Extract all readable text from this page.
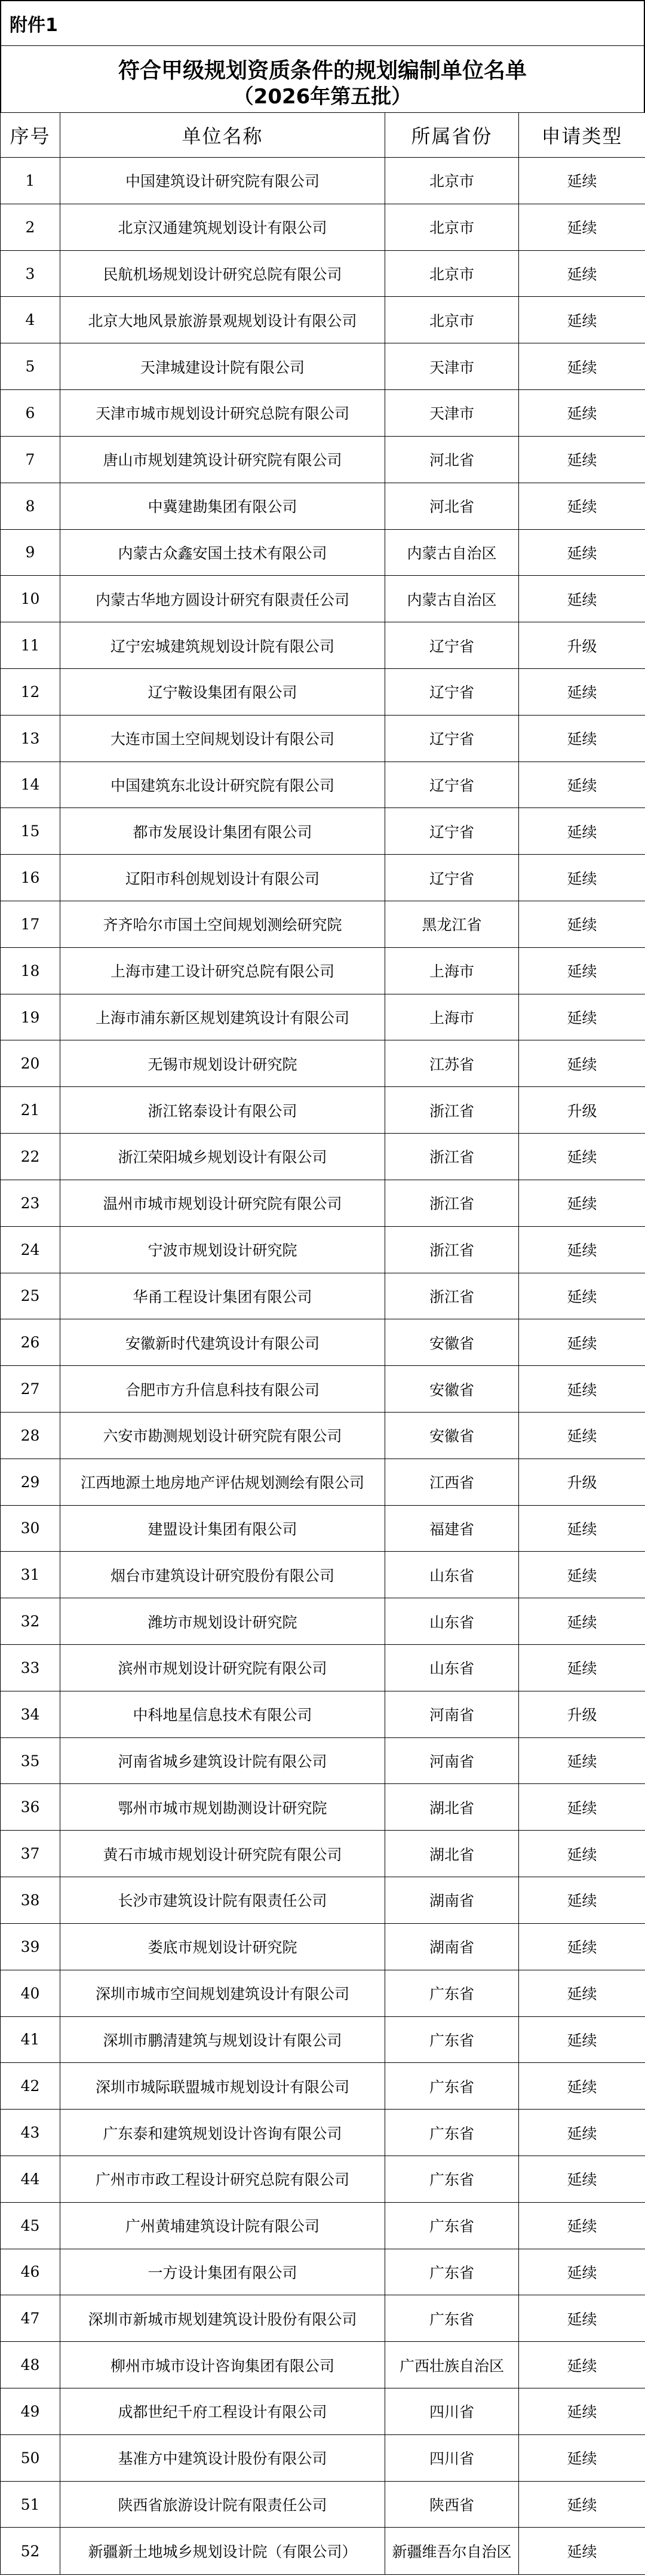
附件1
符合甲级规划资质条件的规划编制单位名单
（2026年第五批）
序号	单位名称	所属省份	申请类型
1	中国建筑设计研究院有限公司	北京市	延续
2	北京汉通建筑规划设计有限公司	北京市	延续
3	民航机场规划设计研究总院有限公司	北京市	延续
4	北京大地风景旅游景观规划设计有限公司	北京市	延续
5	天津城建设计院有限公司	天津市	延续
6	天津市城市规划设计研究总院有限公司	天津市	延续
7	唐山市规划建筑设计研究院有限公司	河北省	延续
8	中冀建勘集团有限公司	河北省	延续
9	内蒙古众鑫安国土技术有限公司	内蒙古自治区	延续
10	内蒙古华地方圆设计研究有限责任公司	内蒙古自治区	延续
11	辽宁宏城建筑规划设计院有限公司	辽宁省	升级
12	辽宁鞍设集团有限公司	辽宁省	延续
13	大连市国土空间规划设计有限公司	辽宁省	延续
14	中国建筑东北设计研究院有限公司	辽宁省	延续
15	都市发展设计集团有限公司	辽宁省	延续
16	辽阳市科创规划设计有限公司	辽宁省	延续
17	齐齐哈尔市国土空间规划测绘研究院	黑龙江省	延续
18	上海市建工设计研究总院有限公司	上海市	延续
19	上海市浦东新区规划建筑设计有限公司	上海市	延续
20	无锡市规划设计研究院	江苏省	延续
21	浙江铭泰设计有限公司	浙江省	升级
22	浙江荣阳城乡规划设计有限公司	浙江省	延续
23	温州市城市规划设计研究院有限公司	浙江省	延续
24	宁波市规划设计研究院	浙江省	延续
25	华甬工程设计集团有限公司	浙江省	延续
26	安徽新时代建筑设计有限公司	安徽省	延续
27	合肥市方升信息科技有限公司	安徽省	延续
28	六安市勘测规划设计研究院有限公司	安徽省	延续
29	江西地源土地房地产评估规划测绘有限公司	江西省	升级
30	建盟设计集团有限公司	福建省	延续
31	烟台市建筑设计研究股份有限公司	山东省	延续
32	潍坊市规划设计研究院	山东省	延续
33	滨州市规划设计研究院有限公司	山东省	延续
34	中科地星信息技术有限公司	河南省	升级
35	河南省城乡建筑设计院有限公司	河南省	延续
36	鄂州市城市规划勘测设计研究院	湖北省	延续
37	黄石市城市规划设计研究院有限公司	湖北省	延续
38	长沙市建筑设计院有限责任公司	湖南省	延续
39	娄底市规划设计研究院	湖南省	延续
40	深圳市城市空间规划建筑设计有限公司	广东省	延续
41	深圳市鹏清建筑与规划设计有限公司	广东省	延续
42	深圳市城际联盟城市规划设计有限公司	广东省	延续
43	广东泰和建筑规划设计咨询有限公司	广东省	延续
44	广州市市政工程设计研究总院有限公司	广东省	延续
45	广州黄埔建筑设计院有限公司	广东省	延续
46	一方设计集团有限公司	广东省	延续
47	深圳市新城市规划建筑设计股份有限公司	广东省	延续
48	柳州市城市设计咨询集团有限公司	广西壮族自治区	延续
49	成都世纪千府工程设计有限公司	四川省	延续
50	基准方中建筑设计股份有限公司	四川省	延续
51	陕西省旅游设计院有限责任公司	陕西省	延续
52	新疆新土地城乡规划设计院（有限公司）	新疆维吾尔自治区	延续
